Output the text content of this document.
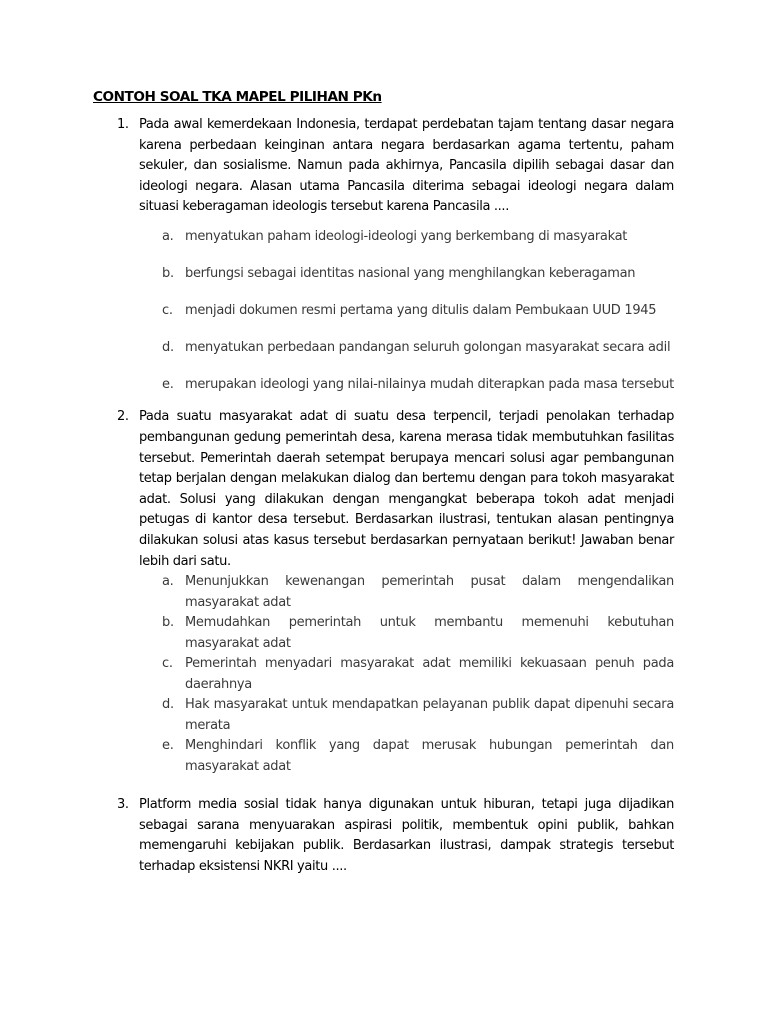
CONTOH SOAL TKA MAPEL PILIHAN PKn
1. Pada awal kemerdekaan Indonesia, terdapat perdebatan tajam tentang dasar negara karena perbedaan keinginan antara negara berdasarkan agama tertentu, paham sekuler, dan sosialisme. Namun pada akhirnya, Pancasila dipilih sebagai dasar dan ideologi negara. Alasan utama Pancasila diterima sebagai ideologi negara dalam situasi keberagaman ideologis tersebut karena Pancasila ....
a. menyatukan paham ideologi-ideologi yang berkembang di masyarakat
b. berfungsi sebagai identitas nasional yang menghilangkan keberagaman
c. menjadi dokumen resmi pertama yang ditulis dalam Pembukaan UUD 1945
d. menyatukan perbedaan pandangan seluruh golongan masyarakat secara adil
e. merupakan ideologi yang nilai-nilainya mudah diterapkan pada masa tersebut
2. Pada suatu masyarakat adat di suatu desa terpencil, terjadi penolakan terhadap pembangunan gedung pemerintah desa, karena merasa tidak membutuhkan fasilitas tersebut. Pemerintah daerah setempat berupaya mencari solusi agar pembangunan tetap berjalan dengan melakukan dialog dan bertemu dengan para tokoh masyarakat adat. Solusi yang dilakukan dengan mengangkat beberapa tokoh adat menjadi petugas di kantor desa tersebut. Berdasarkan ilustrasi, tentukan alasan pentingnya dilakukan solusi atas kasus tersebut berdasarkan pernyataan berikut! Jawaban benar lebih dari satu.
a. Menunjukkan kewenangan pemerintah pusat dalam mengendalikan masyarakat adat
b. Memudahkan pemerintah untuk membantu memenuhi kebutuhan masyarakat adat
c. Pemerintah menyadari masyarakat adat memiliki kekuasaan penuh pada daerahnya
d. Hak masyarakat untuk mendapatkan pelayanan publik dapat dipenuhi secara merata
e. Menghindari konflik yang dapat merusak hubungan pemerintah dan masyarakat adat
3. Platform media sosial tidak hanya digunakan untuk hiburan, tetapi juga dijadikan sebagai sarana menyuarakan aspirasi politik, membentuk opini publik, bahkan memengaruhi kebijakan publik. Berdasarkan ilustrasi, dampak strategis tersebut terhadap eksistensi NKRI yaitu ....
